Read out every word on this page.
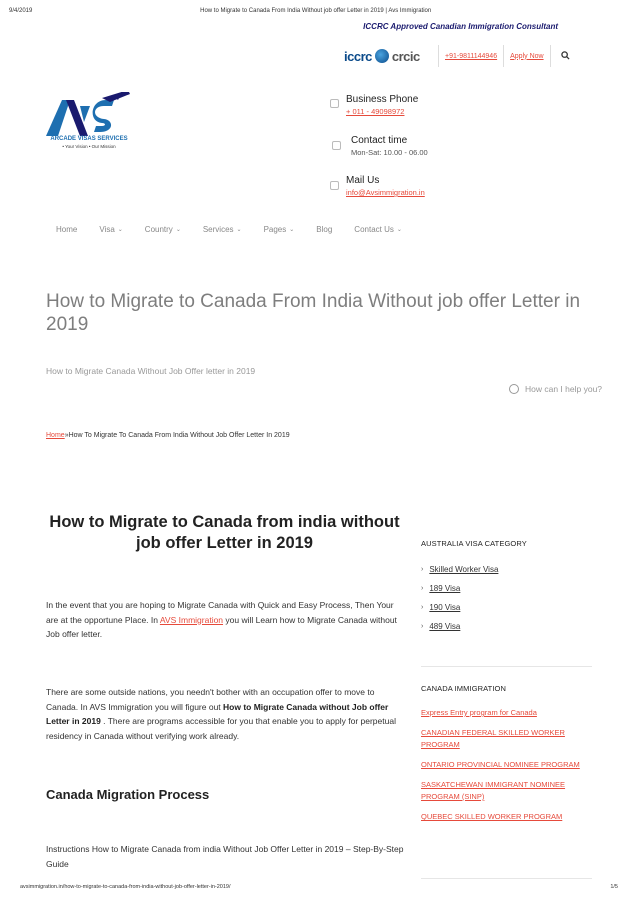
9/4/2019	How to Migrate to Canada From India Without job offer Letter in 2019 | Avs Immigration
ICCRC Approved Canadian Immigration Consultant
iccrc crcic	+91-9811144946 Apply Now
ARCADE VISAS SERVICES
• Your Vision • Our Mission
Business Phone
+ 011 - 49098972
Contact time
Mon-Sat: 10.00 - 06.00
Mail Us
info@Avsimmigration.in
Home	Visa ⌄	Country ⌄	Services ⌄	Pages ⌄	Blog	Contact Us ⌄
How to Migrate to Canada From India Without job offer Letter in 2019
How to Migrate Canada Without Job Offer letter in 2019
How can I help you?
Home»How To Migrate To Canada From India Without Job Offer Letter In 2019
How to Migrate to Canada from india without job offer Letter in 2019

In the event that you are hoping to Migrate Canada with Quick and Easy Process, Then Your are at the opportune Place. In AVS Immigration you will Learn how to Migrate Canada without Job offer letter.

There are some outside nations, you needn't bother with an occupation offer to move to Canada. In AVS Immigration you will figure out How to Migrate Canada without Job offer Letter in 2019 . There are programs accessible for you that enable you to apply for perpetual residency in Canada without verifying work already.

Canada Migration Process

Instructions How to Migrate Canada from india Without Job Offer Letter in 2019 – Step-By-Step Guide

AUSTRALIA VISA CATEGORY
› Skilled Worker Visa
› 189 Visa
› 190 Visa
› 489 Visa
CANADA IMMIGRATION
Express Entry program for Canada
CANADIAN FEDERAL SKILLED WORKER PROGRAM
ONTARIO PROVINCIAL NOMINEE PROGRAM
SASKATCHEWAN IMMIGRANT NOMINEE PROGRAM (SINP)
QUEBEC SKILLED WORKER PROGRAM
avsimmigration.in/how-to-migrate-to-canada-from-india-without-job-offer-letter-in-2019/	1/5
